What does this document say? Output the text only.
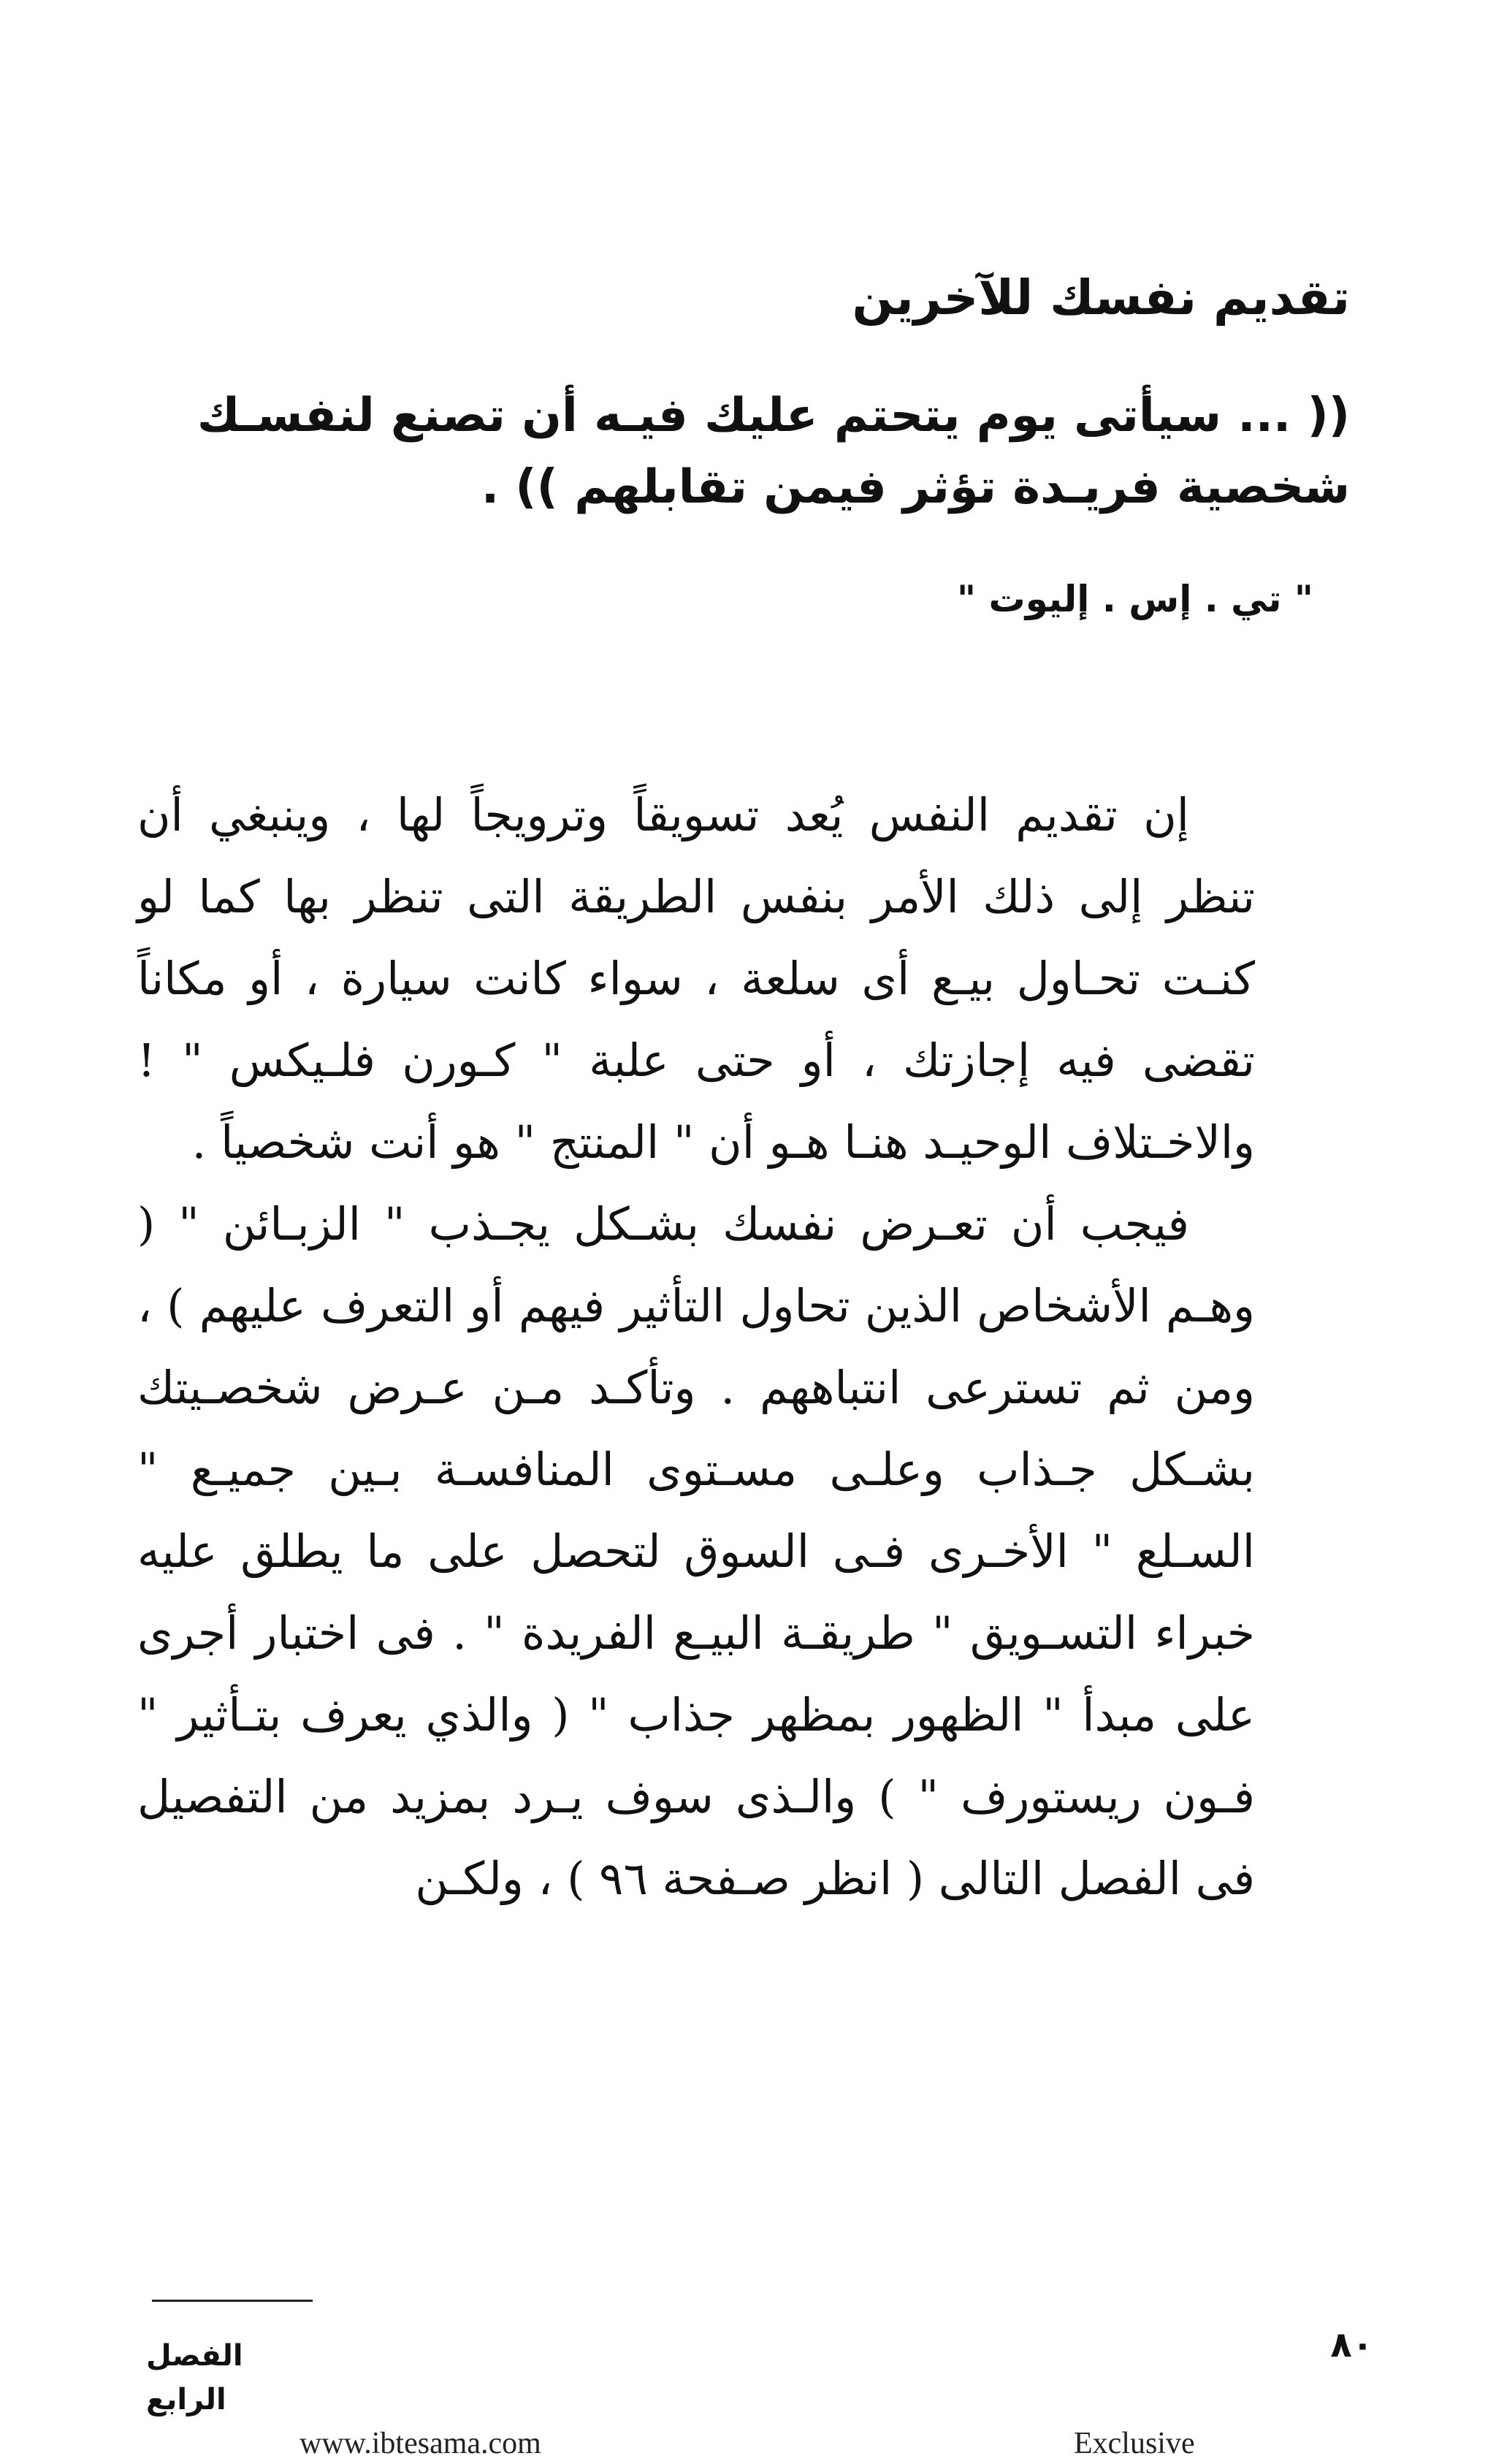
تقديم نفسك للآخرين
(( ... سيأتى يوم يتحتم عليك فيـه أن تصنع لنفسـك شخصية فريـدة تؤثر فيمن تقابلهم )) .
" تي . إس . إليوت "

إن تقديم النفس يُعد تسويقاً وترويجاً لها ، وينبغي أن تنظر إلى ذلك الأمر بنفس الطريقة التى تنظر بها كما لو كنـت تحـاول بيـع أى سلعة ، سواء كانت سيارة ، أو مكاناً تقضى فيه إجازتك ، أو حتى علبة " كـورن فلـيكس " ! والاخـتلاف الوحيـد هنـا هـو أن " المنتج " هو أنت شخصياً .

فيجب أن تعـرض نفسك بشـكل يجـذب " الزبـائن " ( وهـم الأشخاص الذين تحاول التأثير فيهم أو التعرف عليهم ) ، ومن ثم تسترعى انتباههم . وتأكـد مـن عـرض شخصـيتك بشـكل جـذاب وعلـى مسـتوى المنافسـة بـين جميـع " السـلع " الأخـرى فـى السوق لتحصل على ما يطلق عليه خبراء التسـويق " طريقـة البيـع الفريدة " . فى اختبار أجرى على مبدأ " الظهور بمظهر جذاب " ( والذي يعرف بتـأثير " فـون ريستورف " ) والـذى سوف يـرد بمزيد من التفصيل فى الفصل التالى ( انظر صـفحة ٩٦ ) ، ولكـن

الفصل الرابع
٨٠
www.ibtesama.com	Exclusive
